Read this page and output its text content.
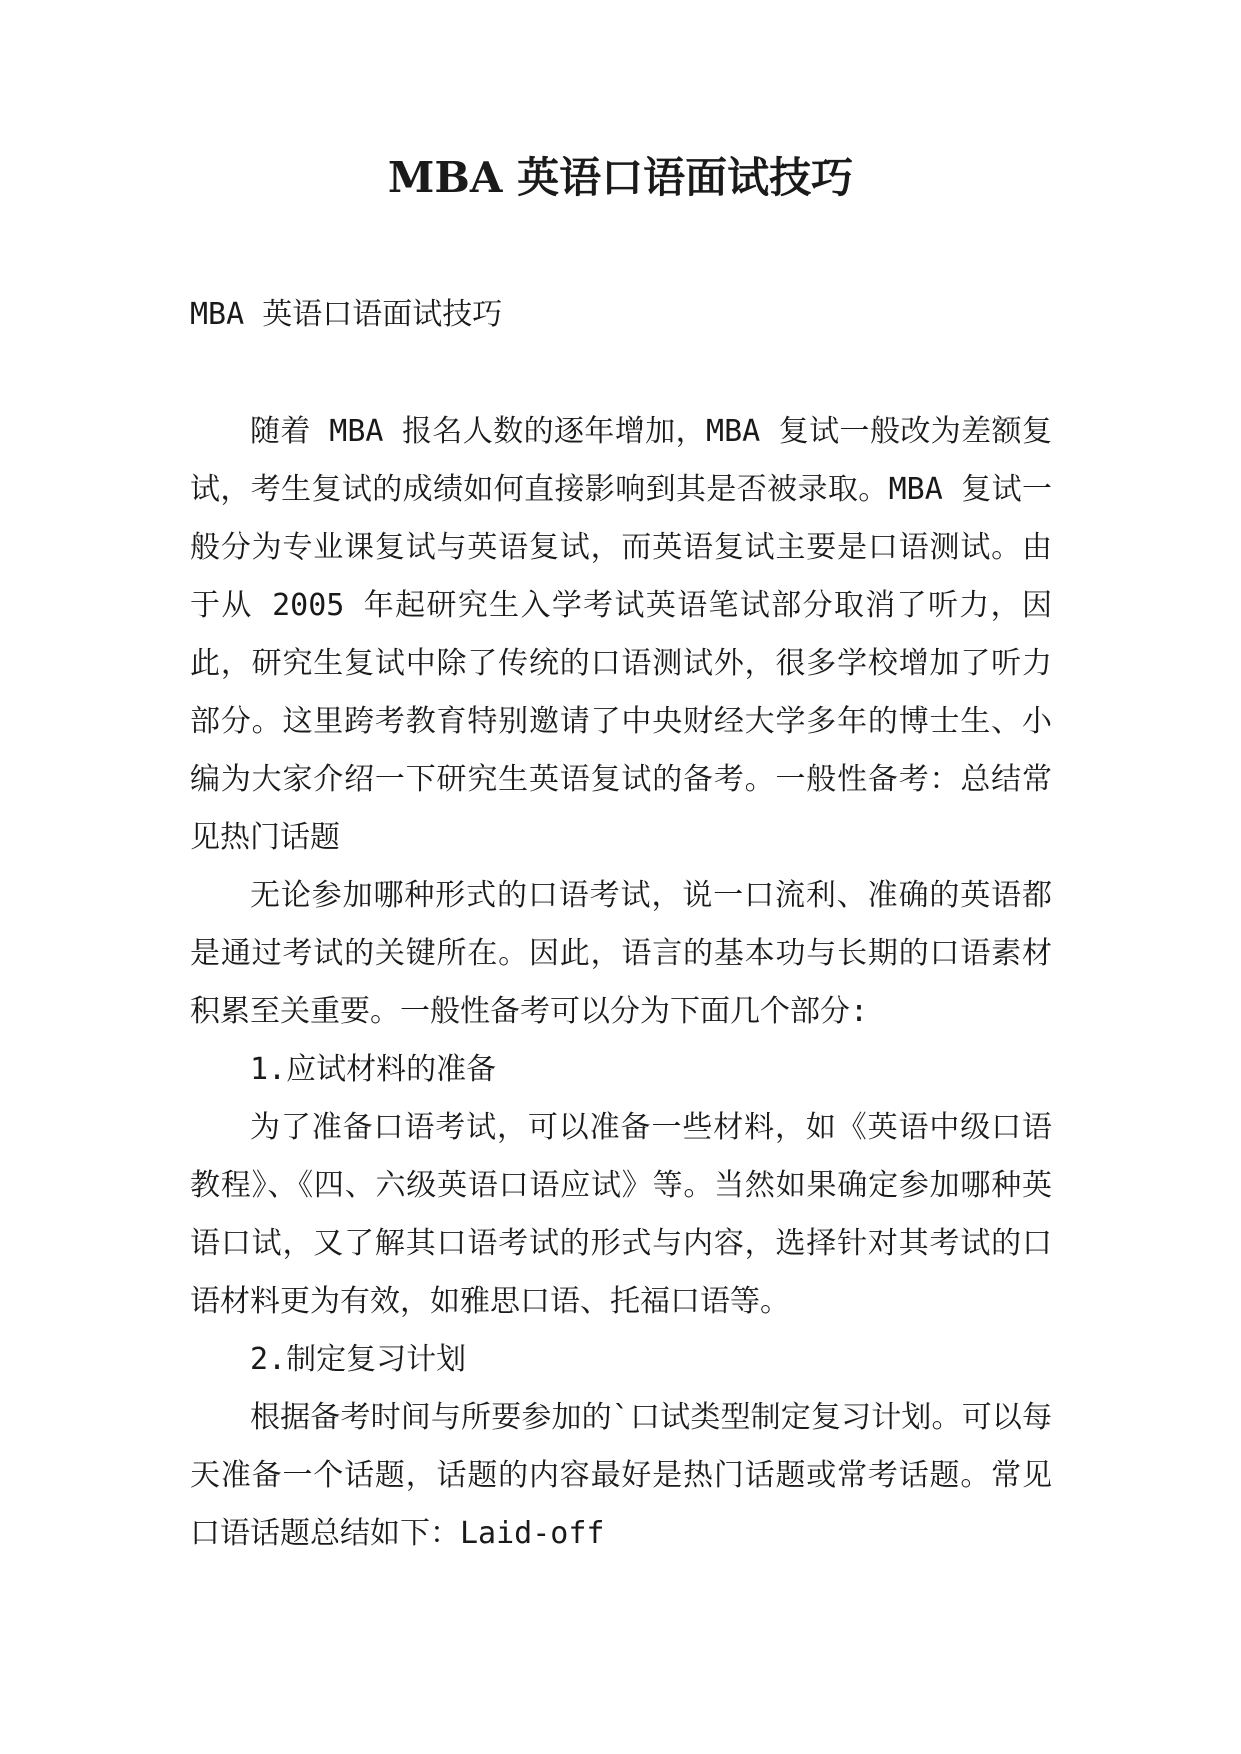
MBA 英语口语面试技巧

MBA 英语口语面试技巧

随着 MBA 报名人数的逐年增加，MBA 复试一般改为差额复试，考生复试的成绩如何直接影响到其是否被录取。MBA 复试一般分为专业课复试与英语复试，而英语复试主要是口语测试。由于从 2005 年起研究生入学考试英语笔试部分取消了听力，因此，研究生复试中除了传统的口语测试外，很多学校增加了听力部分。这里跨考教育特别邀请了中央财经大学多年的博士生、小编为大家介绍一下研究生英语复试的备考。一般性备考：总结常见热门话题

无论参加哪种形式的口语考试，说一口流利、准确的英语都是通过考试的关键所在。因此，语言的基本功与长期的口语素材积累至关重要。一般性备考可以分为下面几个部分:

1.应试材料的准备

为了准备口语考试，可以准备一些材料，如《英语中级口语教程》、《四、六级英语口语应试》等。当然如果确定参加哪种英语口试，又了解其口语考试的形式与内容，选择针对其考试的口语材料更为有效，如雅思口语、托福口语等。

2.制定复习计划

根据备考时间与所要参加的`口试类型制定复习计划。可以每天准备一个话题，话题的内容最好是热门话题或常考话题。常见口语话题总结如下：Laid-off
